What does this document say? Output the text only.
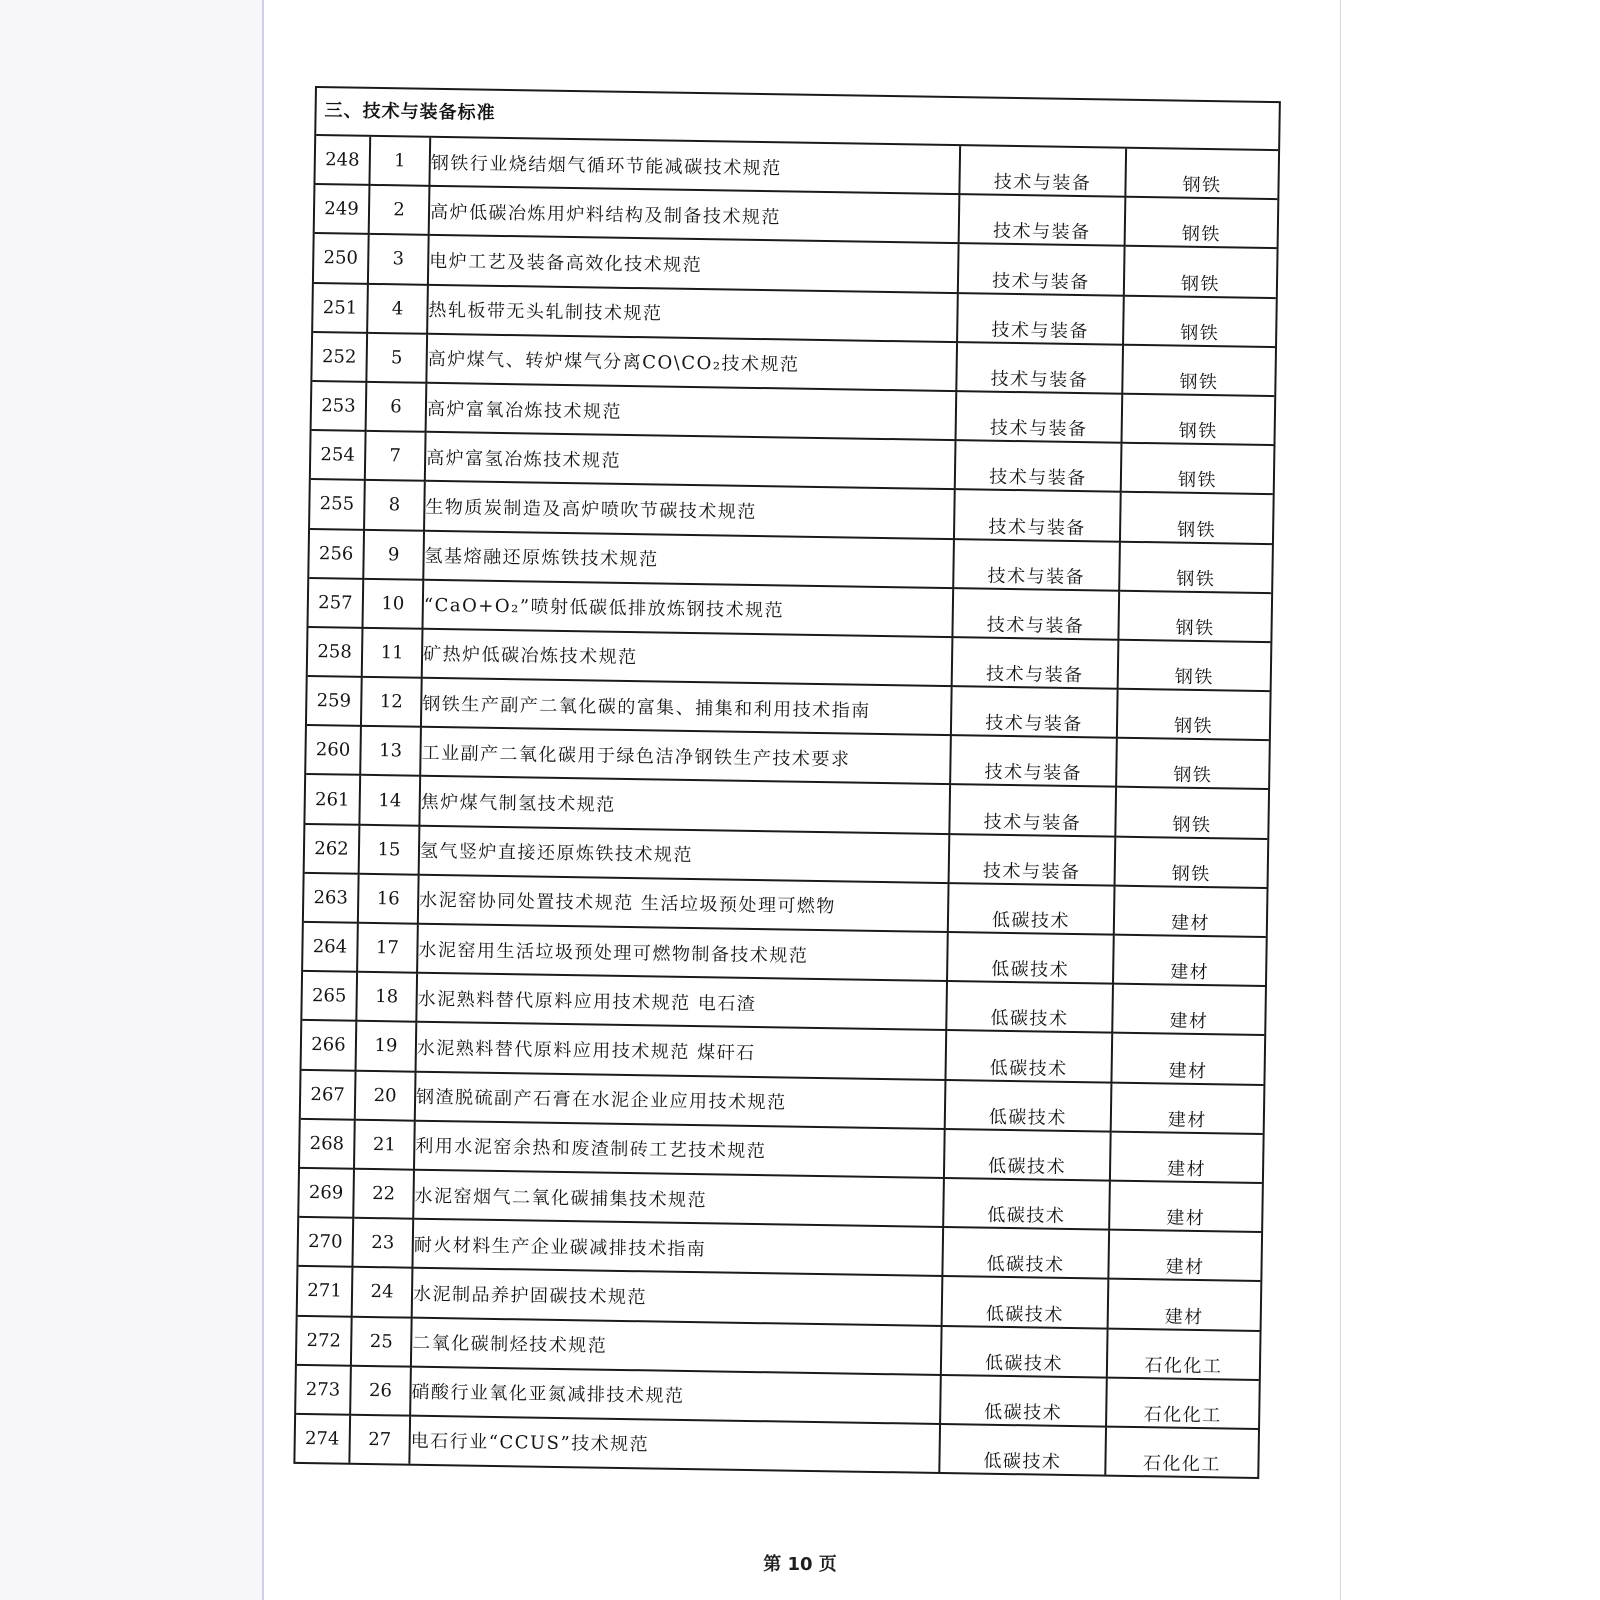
三、技术与装备标准
248	1	钢铁行业烧结烟气循环节能减碳技术规范	技术与装备	钢铁
249	2	高炉低碳冶炼用炉料结构及制备技术规范	技术与装备	钢铁
250	3	电炉工艺及装备高效化技术规范	技术与装备	钢铁
251	4	热轧板带无头轧制技术规范	技术与装备	钢铁
252	5	高炉煤气、转炉煤气分离CO\CO₂技术规范	技术与装备	钢铁
253	6	高炉富氧冶炼技术规范	技术与装备	钢铁
254	7	高炉富氢冶炼技术规范	技术与装备	钢铁
255	8	生物质炭制造及高炉喷吹节碳技术规范	技术与装备	钢铁
256	9	氢基熔融还原炼铁技术规范	技术与装备	钢铁
257	10	“CaO+O₂”喷射低碳低排放炼钢技术规范	技术与装备	钢铁
258	11	矿热炉低碳冶炼技术规范	技术与装备	钢铁
259	12	钢铁生产副产二氧化碳的富集、捕集和利用技术指南	技术与装备	钢铁
260	13	工业副产二氧化碳用于绿色洁净钢铁生产技术要求	技术与装备	钢铁
261	14	焦炉煤气制氢技术规范	技术与装备	钢铁
262	15	氢气竖炉直接还原炼铁技术规范	技术与装备	钢铁
263	16	水泥窑协同处置技术规范 生活垃圾预处理可燃物	低碳技术	建材
264	17	水泥窑用生活垃圾预处理可燃物制备技术规范	低碳技术	建材
265	18	水泥熟料替代原料应用技术规范 电石渣	低碳技术	建材
266	19	水泥熟料替代原料应用技术规范 煤矸石	低碳技术	建材
267	20	钢渣脱硫副产石膏在水泥企业应用技术规范	低碳技术	建材
268	21	利用水泥窑余热和废渣制砖工艺技术规范	低碳技术	建材
269	22	水泥窑烟气二氧化碳捕集技术规范	低碳技术	建材
270	23	耐火材料生产企业碳减排技术指南	低碳技术	建材
271	24	水泥制品养护固碳技术规范	低碳技术	建材
272	25	二氧化碳制烃技术规范	低碳技术	石化化工
273	26	硝酸行业氧化亚氮减排技术规范	低碳技术	石化化工
274	27	电石行业“CCUS”技术规范	低碳技术	石化化工
第 10 页
